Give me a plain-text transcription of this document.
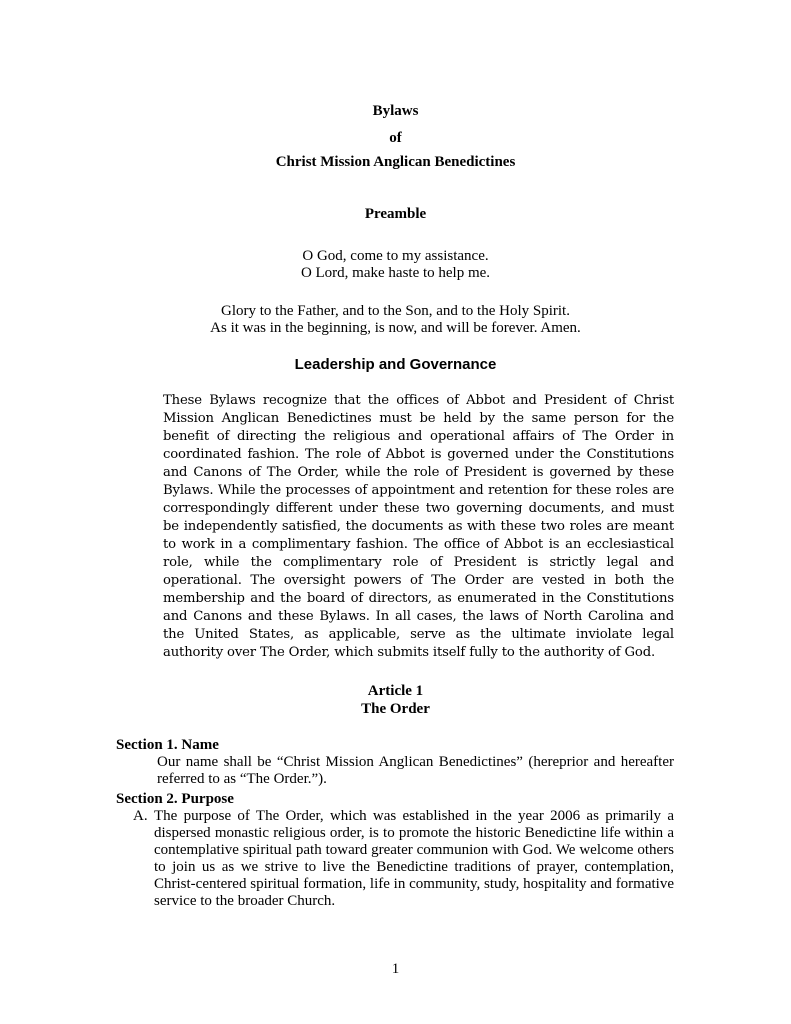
Bylaws
of
Christ Mission Anglican Benedictines
Preamble
O God, come to my assistance.
O Lord, make haste to help me.
Glory to the Father, and to the Son, and to the Holy Spirit.
As it was in the beginning, is now, and will be forever. Amen.
Leadership and Governance
These Bylaws recognize that the offices of Abbot and President of Christ Mission Anglican Benedictines must be held by the same person for the benefit of directing the religious and operational affairs of The Order in coordinated fashion. The role of Abbot is governed under the Constitutions and Canons of The Order, while the role of President is governed by these Bylaws. While the processes of appointment and retention for these roles are correspondingly different under these two governing documents, and must be independently satisfied, the documents as with these two roles are meant to work in a complimentary fashion. The office of Abbot is an ecclesiastical role, while the complimentary role of President is strictly legal and operational. The oversight powers of The Order are vested in both the membership and the board of directors, as enumerated in the Constitutions and Canons and these Bylaws. In all cases, the laws of North Carolina and the United States, as applicable, serve as the ultimate inviolate legal authority over The Order, which submits itself fully to the authority of God.
Article 1
The Order
Section 1. Name
Our name shall be “Christ Mission Anglican Benedictines” (hereprior and hereafter referred to as “The Order.”).
Section 2. Purpose
A. The purpose of The Order, which was established in the year 2006 as primarily a dispersed monastic religious order, is to promote the historic Benedictine life within a contemplative spiritual path toward greater communion with God. We welcome others to join us as we strive to live the Benedictine traditions of prayer, contemplation, Christ-centered spiritual formation, life in community, study, hospitality and formative service to the broader Church.
1
